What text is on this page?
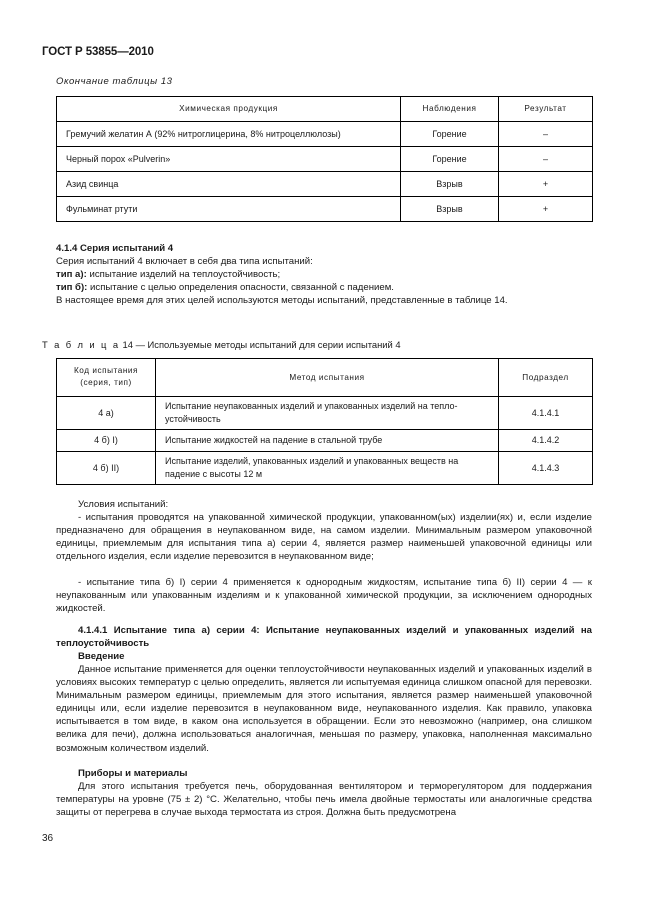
ГОСТ Р 53855—2010
Окончание таблицы 13
Химическая продукция	Наблюдения	Результат
Гремучий желатин А (92% нитроглицерина, 8% нитроцеллюлозы)	Горение	–
Черный порох «Pulverin»	Горение	–
Азид свинца	Взрыв	+
Фульминат ртути	Взрыв	+
4.1.4 Серия испытаний 4
Серия испытаний 4 включает в себя два типа испытаний:
тип а): испытание изделий на теплоустойчивость;
тип б): испытание с целью определения опасности, связанной с падением.
В настоящее время для этих целей используются методы испытаний, представленные в таблице 14.
Т а б л и ц а 14 — Используемые методы испытаний для серии испытаний 4
Код испытания
(серия, тип)	Метод испытания	Подраздел
4 а)	Испытание неупакованных изделий и упакованных изделий на тепло-устойчивость	4.1.4.1
4 б) I)	Испытание жидкостей на падение в стальной трубе	4.1.4.2
4 б) II)	Испытание изделий, упакованных изделий и упакованных веществ на падение с высоты 12 м	4.1.4.3
Условия испытаний:
- испытания проводятся на упакованной химической продукции, упакованном(ых) изделии(ях) и, если изделие предназначено для обращения в неупакованном виде, на самом изделии. Минимальным размером упаковочной единицы, приемлемым для испытания типа а) серии 4, является размер наименьшей упаковочной единицы или отдельного изделия, если изделие перевозится в неупакованном виде;
- испытание типа б) I) серии 4 применяется к однородным жидкостям, испытание типа б) II) серии 4 — к неупакованным или упакованным изделиям и к упакованной химической продукции, за исключением однородных жидкостей.
4.1.4.1 Испытание типа а) серии 4: Испытание неупакованных изделий и упакованных изделий на теплоустойчивость
Введение
Данное испытание применяется для оценки теплоустойчивости неупакованных изделий и упакованных изделий в условиях высоких температур с целью определить, является ли испытуемая единица слишком опасной для перевозки. Минимальным размером единицы, приемлемым для этого испытания, является размер наименьшей упаковочной единицы или, если изделие перевозится в неупакованном виде, неупакованного изделия. Как правило, упаковка испытывается в том виде, в каком она используется в обращении. Если это невозможно (например, она слишком велика для печи), должна использоваться аналогичная, меньшая по размеру, упаковка, наполненная максимально возможным количеством изделий.
Приборы и материалы
Для этого испытания требуется печь, оборудованная вентилятором и терморегулятором для поддержания температуры на уровне (75 ± 2) °С. Желательно, чтобы печь имела двойные термостаты или аналогичные средства защиты от перегрева в случае выхода термостата из строя. Должна быть предусмотрена
36
